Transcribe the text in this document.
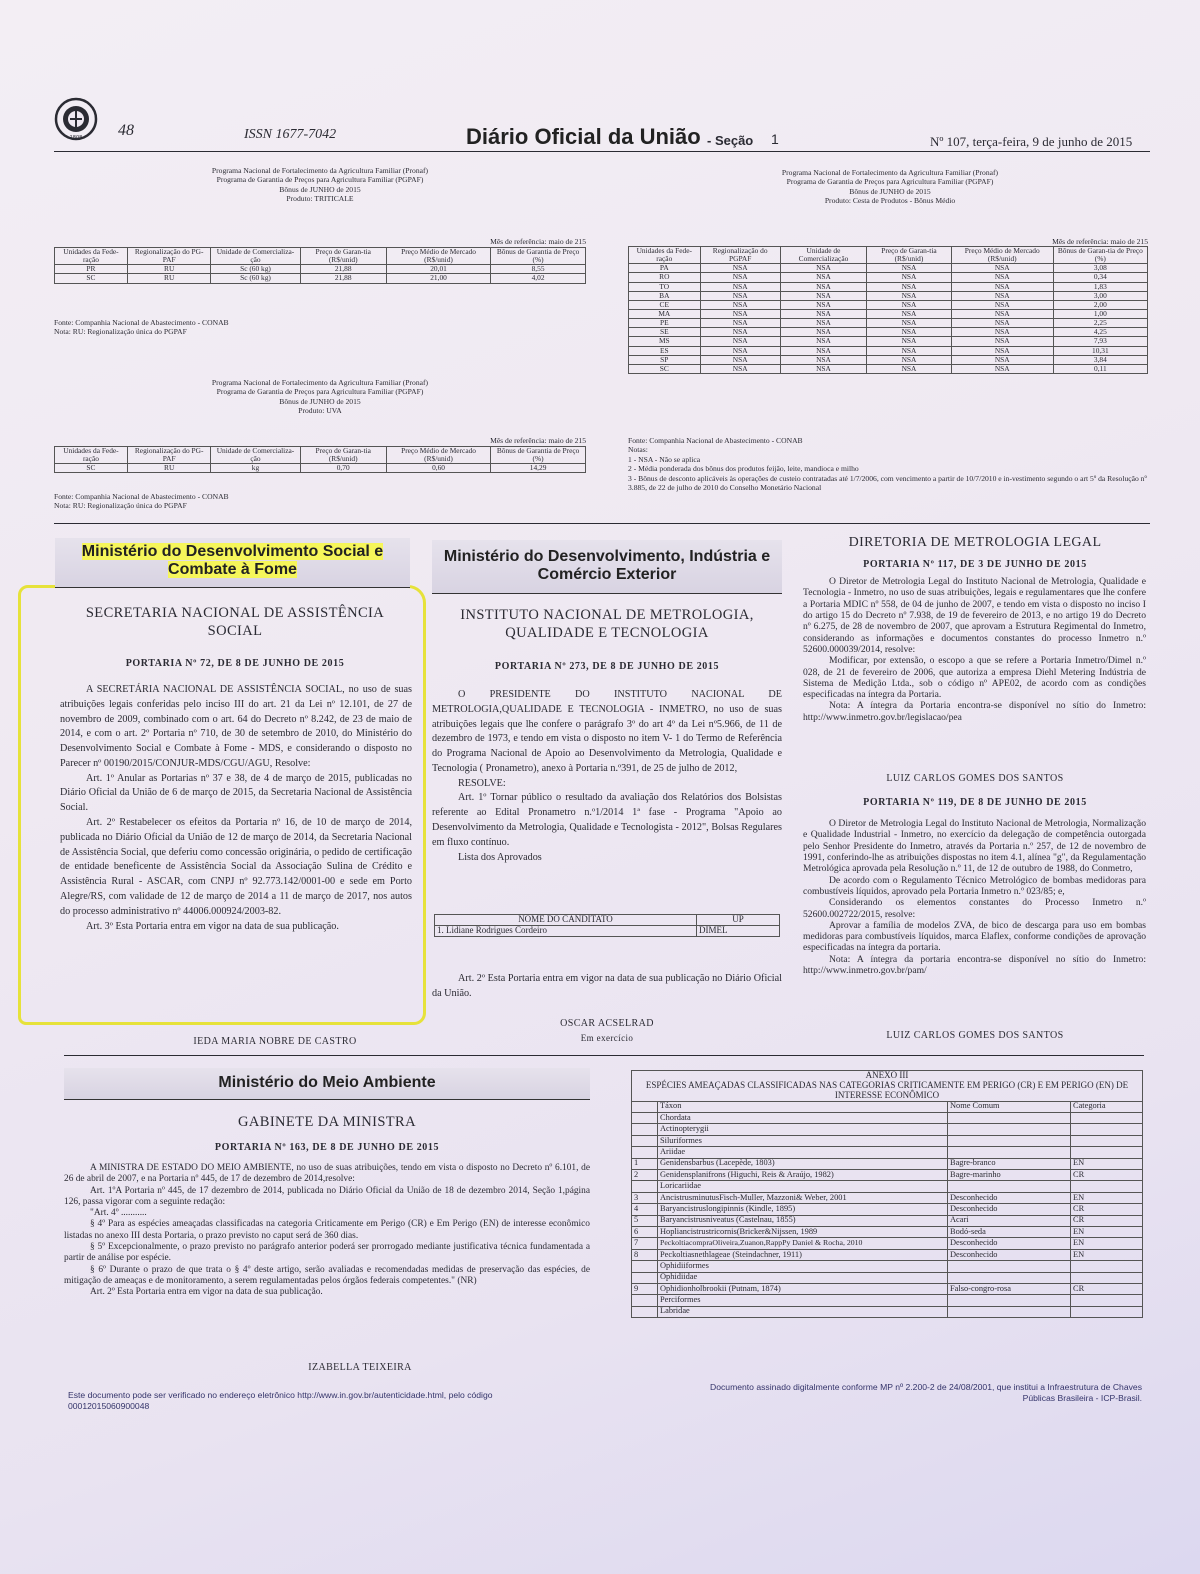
1808 48	ISSN 1677-7042	Diário Oficial da União - Seção 1	Nº 107, terça-feira, 9 de junho de 2015
Programa Nacional de Fortalecimento da Agricultura Familiar (Pronaf)
Programa de Garantia de Preços para Agricultura Familiar (PGPAF)
Bônus de JUNHO de 2015
Produto: TRITICALE
Mês de referência: maio de 215
Unidades da Fede-ração	Regionalização do PG-PAF	Unidade de Comercializa-ção	Preço de Garan-tia (R$/unid)	Preço Médio de Mercado (R$/unid)	Bônus de Garantia de Preço (%)
PR	RU	Sc (60 kg)	21,88	20,01	8,55
SC	RU	Sc (60 kg)	21,88	21,00	4,02
Fonte: Companhia Nacional de Abastecimento - CONAB
Nota: RU: Regionalização única do PGPAF
Programa Nacional de Fortalecimento da Agricultura Familiar (Pronaf)
Programa de Garantia de Preços para Agricultura Familiar (PGPAF)
Bônus de JUNHO de 2015
Produto: UVA
Mês de referência: maio de 215
Unidades da Fede-ração	Regionalização do PG-PAF	Unidade de Comercializa-ção	Preço de Garan-tia (R$/unid)	Preço Médio de Mercado (R$/unid)	Bônus de Garantia de Preço (%)
SC	RU	kg	0,70	0,60	14,29
Fonte: Companhia Nacional de Abastecimento - CONAB
Nota: RU: Regionalização única do PGPAF
Programa Nacional de Fortalecimento da Agricultura Familiar (Pronaf)
Programa de Garantia de Preços para Agricultura Familiar (PGPAF)
Bônus de JUNHO de 2015
Produto: Cesta de Produtos - Bônus Médio
Mês de referência: maio de 215
Unidades da Fede-ração	Regionalização do PGPAF	Unidade de Comercialização	Preço de Garan-tia (R$/unid)	Preço Médio de Mercado (R$/unid)	Bônus de Garan-tia de Preço (%)
PA	NSA	NSA	NSA	NSA	3,08
RO	NSA	NSA	NSA	NSA	0,34
TO	NSA	NSA	NSA	NSA	1,83
BA	NSA	NSA	NSA	NSA	3,00
CE	NSA	NSA	NSA	NSA	2,00
MA	NSA	NSA	NSA	NSA	1,00
PE	NSA	NSA	NSA	NSA	2,25
SE	NSA	NSA	NSA	NSA	4,25
MS	NSA	NSA	NSA	NSA	7,93
ES	NSA	NSA	NSA	NSA	10,31
SP	NSA	NSA	NSA	NSA	3,84
SC	NSA	NSA	NSA	NSA	0,11
Fonte: Companhia Nacional de Abastecimento - CONAB
Notas:
1 - NSA - Não se aplica
2 - Média ponderada dos bônus dos produtos feijão, leite, mandioca e milho
3 - Bônus de desconto aplicáveis às operações de custeio contratadas até 1/7/2006, com vencimento a partir de 10/7/2010 e in-vestimento segundo o art 5º da Resolução nº 3.885, de 22 de julho de 2010 do Conselho Monetário Nacional
Ministério do Desenvolvimento Social e Combate à Fome
SECRETARIA NACIONAL DE ASSISTÊNCIA SOCIAL
PORTARIA Nº 72, DE 8 DE JUNHO DE 2015

A SECRETÁRIA NACIONAL DE ASSISTÊNCIA SOCIAL, no uso de suas atribuições legais conferidas pelo inciso III do art. 21 da Lei nº 12.101, de 27 de novembro de 2009, combinado com o art. 64 do Decreto nº 8.242, de 23 de maio de 2014, e com o art. 2º Portaria nº 710, de 30 de setembro de 2010, do Ministério do Desenvolvimento Social e Combate à Fome - MDS, e considerando o disposto no Parecer nº 00190/2015/CONJUR-MDS/CGU/AGU, Resolve:

Art. 1º Anular as Portarias nº 37 e 38, de 4 de março de 2015, publicadas no Diário Oficial da União de 6 de março de 2015, da Secretaria Nacional de Assistência Social.

Art. 2º Restabelecer os efeitos da Portaria nº 16, de 10 de março de 2014, publicada no Diário Oficial da União de 12 de março de 2014, da Secretaria Nacional de Assistência Social, que deferiu como concessão originária, o pedido de certificação de entidade beneficente de Assistência Social da Associação Sulina de Crédito e Assistência Rural - ASCAR, com CNPJ nº 92.773.142/0001-00 e sede em Porto Alegre/RS, com validade de 12 de março de 2014 a 11 de março de 2017, nos autos do processo administrativo nº 44006.000924/2003-82.

Art. 3º Esta Portaria entra em vigor na data de sua publicação.

IEDA MARIA NOBRE DE CASTRO
Ministério do Desenvolvimento, Indústria e Comércio Exterior
INSTITUTO NACIONAL DE METROLOGIA, QUALIDADE E TECNOLOGIA
PORTARIA Nº 273, DE 8 DE JUNHO DE 2015

O PRESIDENTE DO INSTITUTO NACIONAL DE METROLOGIA,QUALIDADE E TECNOLOGIA - INMETRO, no uso de suas atribuições legais que lhe confere o parágrafo 3º do art 4º da Lei nº5.966, de 11 de dezembro de 1973, e tendo em vista o disposto no item V- 1 do Termo de Referência do Programa Nacional de Apoio ao Desenvolvimento da Metrologia, Qualidade e Tecnologia ( Pronametro), anexo à Portaria n.º391, de 25 de julho de 2012,

RESOLVE:

Art. 1º Tornar público o resultado da avaliação dos Relatórios dos Bolsistas referente ao Edital Pronametro n.º1/2014 1ª fase - Programa "Apoio ao Desenvolvimento da Metrologia, Qualidade e Tecnologista - 2012", Bolsas Regulares em fluxo contínuo.

Lista dos Aprovados

NOME DO CANDITATO	UP
1. Lidiane Rodrigues Cordeiro	DIMEL

Art. 2º Esta Portaria entra em vigor na data de sua publicação no Diário Oficial da União.

OSCAR ACSELRAD
Em exercício
DIRETORIA DE METROLOGIA LEGAL
PORTARIA Nº 117, DE 3 DE JUNHO DE 2015

O Diretor de Metrologia Legal do Instituto Nacional de Metrologia, Qualidade e Tecnologia - Inmetro, no uso de suas atribuições, legais e regulamentares que lhe confere a Portaria MDIC nº 558, de 04 de junho de 2007, e tendo em vista o disposto no inciso I do artigo 15 do Decreto nº 7.938, de 19 de fevereiro de 2013, e no artigo 19 do Decreto nº 6.275, de 28 de novembro de 2007, que aprovam a Estrutura Regimental do Inmetro, considerando as informações e documentos constantes do processo Inmetro n.º 52600.000039/2014, resolve:

Modificar, por extensão, o escopo a que se refere a Portaria Inmetro/Dimel n.º 028, de 21 de fevereiro de 2006, que autoriza a empresa Diehl Metering Indústria de Sistema de Medição Ltda., sob o código nº APE02, de acordo com as condições especificadas na íntegra da Portaria.

Nota: A íntegra da Portaria encontra-se disponível no sítio do Inmetro: http://www.inmetro.gov.br/legislacao/pea

LUIZ CARLOS GOMES DOS SANTOS
PORTARIA Nº 119, DE 8 DE JUNHO DE 2015

O Diretor de Metrologia Legal do Instituto Nacional de Metrologia, Normalização e Qualidade Industrial - Inmetro, no exercício da delegação de competência outorgada pelo Senhor Presidente do Inmetro, através da Portaria n.º 257, de 12 de novembro de 1991, conferindo-lhe as atribuições dispostas no item 4.1, alínea "g", da Regulamentação Metrológica aprovada pela Resolução n.º 11, de 12 de outubro de 1988, do Conmetro,

De acordo com o Regulamento Técnico Metrológico de bombas medidoras para combustíveis líquidos, aprovado pela Portaria Inmetro n.º 023/85; e,

Considerando os elementos constantes do Processo Inmetro n.º 52600.002722/2015, resolve:

Aprovar a família de modelos ZVA, de bico de descarga para uso em bombas medidoras para combustíveis líquidos, marca Elaflex, conforme condições de aprovação especificadas na íntegra da portaria.

Nota: A íntegra da portaria encontra-se disponível no sítio do Inmetro: http://www.inmetro.gov.br/pam/

LUIZ CARLOS GOMES DOS SANTOS
Ministério do Meio Ambiente
GABINETE DA MINISTRA
PORTARIA Nº 163, DE 8 DE JUNHO DE 2015

A MINISTRA DE ESTADO DO MEIO AMBIENTE, no uso de suas atribuições, tendo em vista o disposto no Decreto nº 6.101, de 26 de abril de 2007, e na Portaria nº 445, de 17 de dezembro de 2014,resolve:

Art. 1ºA Portaria nº 445, de 17 dezembro de 2014, publicada no Diário Oficial da União de 18 de dezembro 2014, Seção 1,página 126, passa vigorar com a seguinte redação:

"Art. 4º ...........

§ 4º Para as espécies ameaçadas classificadas na categoria Criticamente em Perigo (CR) e Em Perigo (EN) de interesse econômico listadas no anexo III desta Portaria, o prazo previsto no caput será de 360 dias.

§ 5º Excepcionalmente, o prazo previsto no parágrafo anterior poderá ser prorrogado mediante justificativa técnica fundamentada a partir de análise por espécie.

§ 6º Durante o prazo de que trata o § 4º deste artigo, serão avaliadas e recomendadas medidas de preservação das espécies, de mitigação de ameaças e de monitoramento, a serem regulamentadas pelos órgãos federais competentes." (NR)

Art. 2º Esta Portaria entra em vigor na data de sua publicação.

IZABELLA TEIXEIRA
ANEXO III
ESPÉCIES AMEAÇADAS CLASSIFICADAS NAS CATEGORIAS CRITICAMENTE EM PERIGO (CR) E EM PERIGO (EN) DE INTERESSE ECONÔMICO
	Táxon	Nome Comum	Categoria
	Chordata		
	Actinopterygii		
	Siluriformes		
	Ariidae		
1	Genidensbarbus (Lacepède, 1803)	Bagre-branco	EN
2	Genidensplanifrons (Higuchi, Reis & Araújo, 1982)	Bagre-marinho	CR
	Loricariidae		
3	AncistrusminutusFisch-Muller, Mazzoni& Weber, 2001	Desconhecido	EN
4	Baryancistruslongipinnis (Kindle, 1895)	Desconhecido	CR
5	Baryancistrusniveatus (Castelnau, 1855)	Acari	CR
6	Hopliancistrustricornis(Bricker&Nijssen, 1989	Bodó-seda	EN
7	PeckoltiacompraOliveira,Zuanon,RappPy Daniel & Rocha, 2010	Desconhecido	EN
8	Peckoltiasnethlageae (Steindachner, 1911)	Desconhecido	EN
	Ophidiiformes		
	Ophidiidae		
9	Ophidionholbrookii (Putnam, 1874)	Falso-congro-rosa	CR
	Perciformes		
	Labridae		
Este documento pode ser verificado no endereço eletrônico http://www.in.gov.br/autenticidade.html, pelo código 00012015060900048
Documento assinado digitalmente conforme MP nº 2.200-2 de 24/08/2001, que institui a Infraestrutura de Chaves Públicas Brasileira - ICP-Brasil.
